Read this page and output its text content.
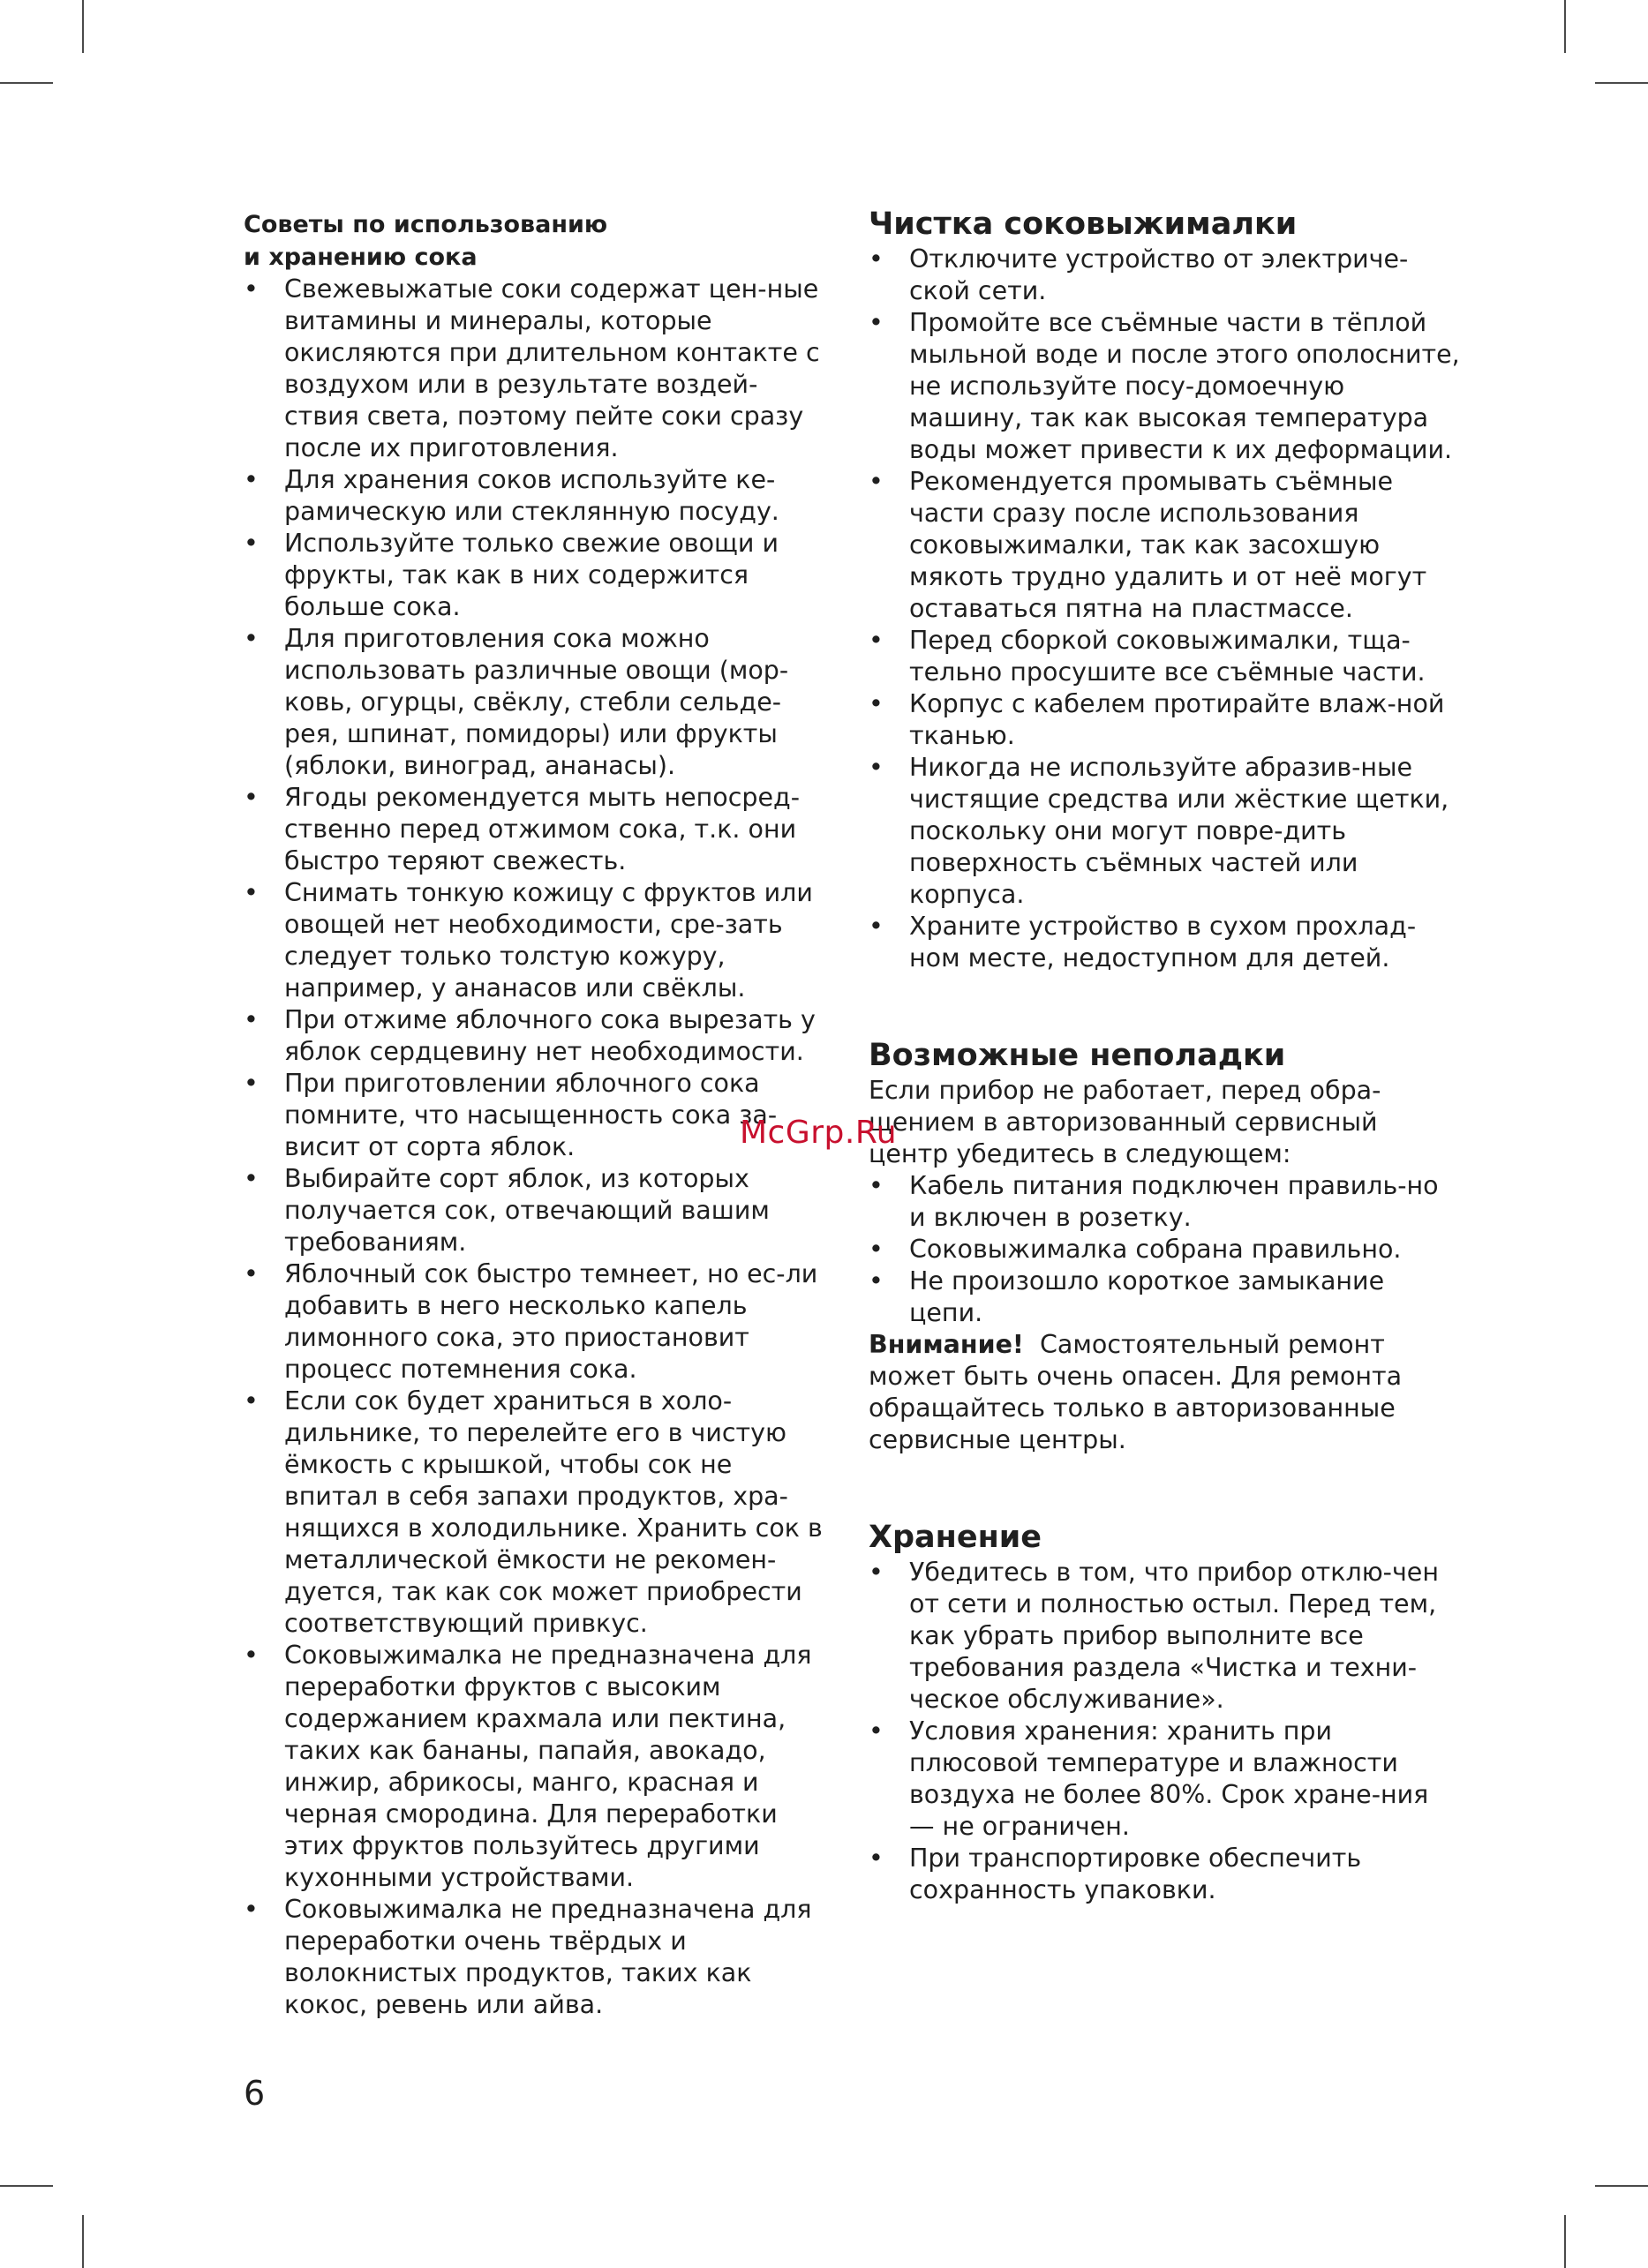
Советы по использованию
и хранению сока
• Свежевыжатые соки содержат цен-ные витамины и минералы, которые окисляются при длительном контакте с воздухом или в результате воздей-ствия света, поэтому пейте соки сразу после их приготовления.
• Для хранения соков используйте ке-рамическую или стеклянную посуду.
• Используйте только свежие овощи и фрукты, так как в них содержится больше сока.
• Для приготовления сока можно использовать различные овощи (мор-ковь, огурцы, свёклу, стебли сельде-рея, шпинат, помидоры) или фрукты (яблоки, виноград, ананасы).
• Ягоды рекомендуется мыть непосред-ственно перед отжимом сока, т.к. они быстро теряют свежесть.
• Снимать тонкую кожицу с фруктов или овощей нет необходимости, сре-зать следует только толстую кожуру, например, у ананасов или свёклы.
• При отжиме яблочного сока вырезать у яблок сердцевину нет необходимости.
• При приготовлении яблочного сока помните, что насыщенность сока за-висит от сорта яблок.
• Выбирайте сорт яблок, из которых получается сок, отвечающий вашим требованиям.
• Яблочный сок быстро темнеет, но ес-ли добавить в него несколько капель лимонного сока, это приостановит процесс потемнения сока.
• Если сок будет храниться в холо-дильнике, то перелейте его в чистую ёмкость с крышкой, чтобы сок не впитал в себя запахи продуктов, хра-нящихся в холодильнике. Хранить сок в металлической ёмкости не рекомен-дуется, так как сок может приобрести соответствующий привкус.
• Соковыжималка не предназначена для переработки фруктов с высоким содержанием крахмала или пектина, таких как бананы, папайя, авокадо, инжир, абрикосы, манго, красная и черная смородина. Для переработки этих фруктов пользуйтесь другими кухонными устройствами.
• Соковыжималка не предназначена для переработки очень твёрдых и волокнистых продуктов, таких как кокос, ревень или айва.
Чистка соковыжималки
• Отключите устройство от электриче-ской сети.
• Промойте все съёмные части в тёплой мыльной воде и после этого ополосните, не используйте посу-домоечную машину, так как высокая температура воды может привести к их деформации.
• Рекомендуется промывать съёмные части сразу после использования соковыжималки, так как засохшую мякоть трудно удалить и от неё могут оставаться пятна на пластмассе.
• Перед сборкой соковыжималки, тща-тельно просушите все съёмные части.
• Корпус с кабелем протирайте влаж-ной тканью.
• Никогда не используйте абразив-ные чистящие средства или жёсткие щетки, поскольку они могут повре-дить поверхность съёмных частей или корпуса.
• Храните устройство в сухом прохлад-ном месте, недоступном для детей.
Возможные неполадки

Если прибор не работает, перед обра-щением в авторизованный сервисный центр убедитесь в следующем:

• Кабель питания подключен правиль-но и включен в розетку.
• Соковыжималка собрана правильно.
• Не произошло короткое замыкание цепи.

Внимание! Самостоятельный ремонт может быть очень опасен. Для ремонта обращайтесь только в авторизованные сервисные центры.

Хранение
• Убедитесь в том, что прибор отклю-чен от сети и полностью остыл. Перед тем, как убрать прибор выполните все требования раздела «Чистка и техни-ческое обслуживание».
• Условия хранения: хранить при плюсовой температуре и влажности воздуха не более 80%. Срок хране-ния — не ограничен.
• При транспортировке обеспечить сохранность упаковки.
McGrp.Ru
6
